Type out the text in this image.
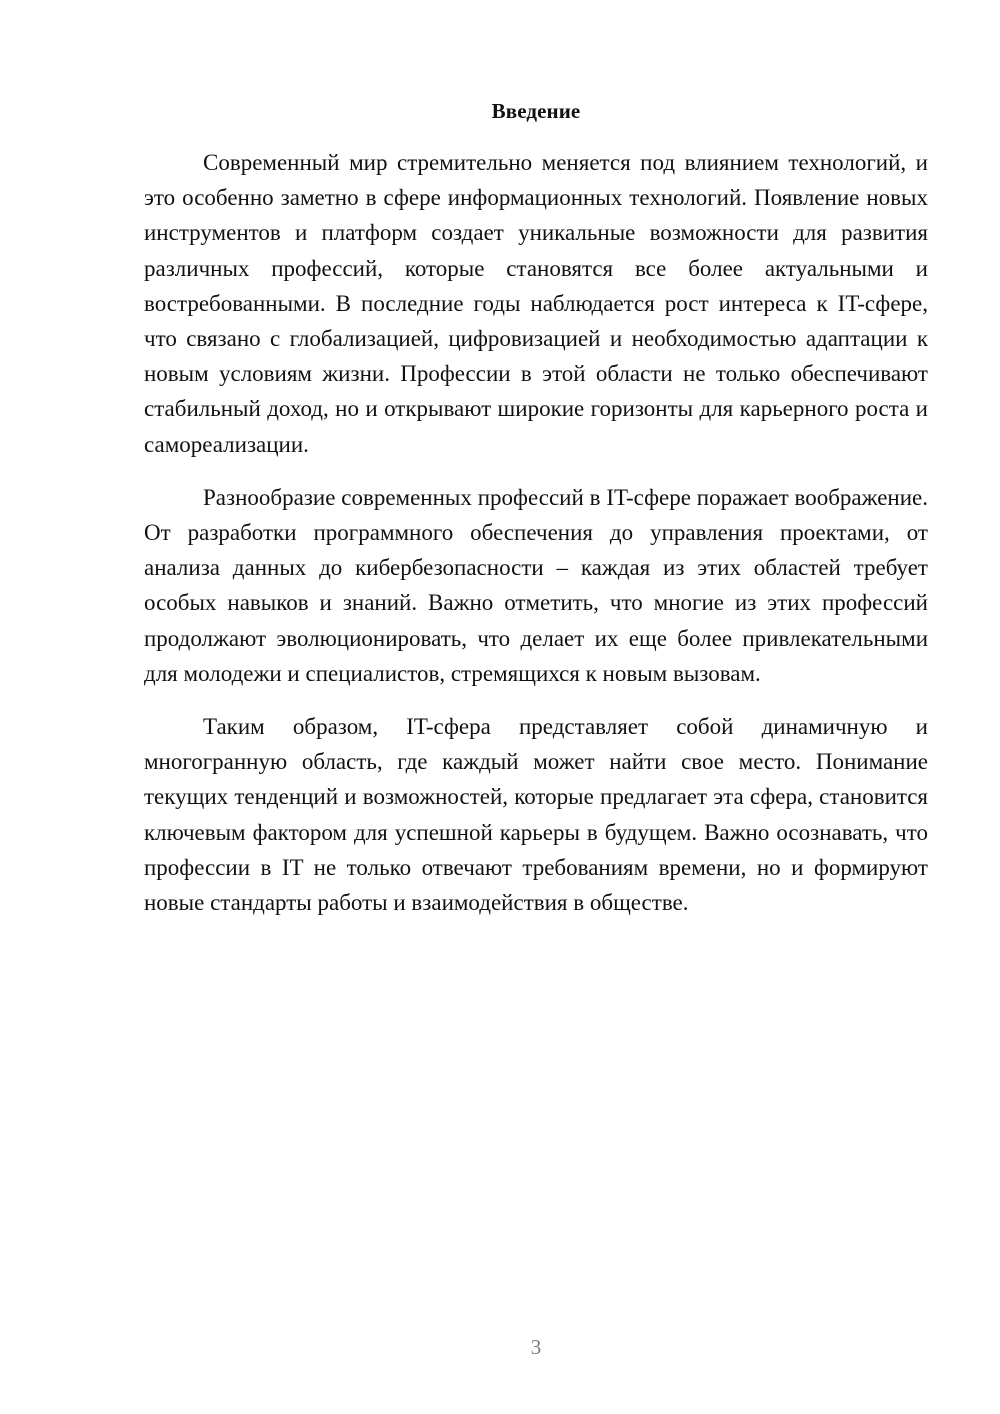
Введение

Современный мир стремительно меняется под влиянием технологий, и это особенно заметно в сфере информационных технологий. Появление новых инструментов и платформ создает уникальные возможности для развития различных профессий, которые становятся все более актуальными и востребованными. В последние годы наблюдается рост интереса к IT-сфере, что связано с глобализацией, цифровизацией и необходимостью адаптации к новым условиям жизни. Профессии в этой области не только обеспечивают стабильный доход, но и открывают широкие горизонты для карьерного роста и самореализации.

Разнообразие современных профессий в IT-сфере поражает воображение. От разработки программного обеспечения до управления проектами, от анализа данных до кибербезопасности – каждая из этих областей требует особых навыков и знаний. Важно отметить, что многие из этих профессий продолжают эволюционировать, что делает их еще более привлекательными для молодежи и специалистов, стремящихся к новым вызовам.

Таким образом, IT-сфера представляет собой динамичную и многогранную область, где каждый может найти свое место. Понимание текущих тенденций и возможностей, которые предлагает эта сфера, становится ключевым фактором для успешной карьеры в будущем. Важно осознавать, что профессии в IT не только отвечают требованиям времени, но и формируют новые стандарты работы и взаимодействия в обществе.

3
